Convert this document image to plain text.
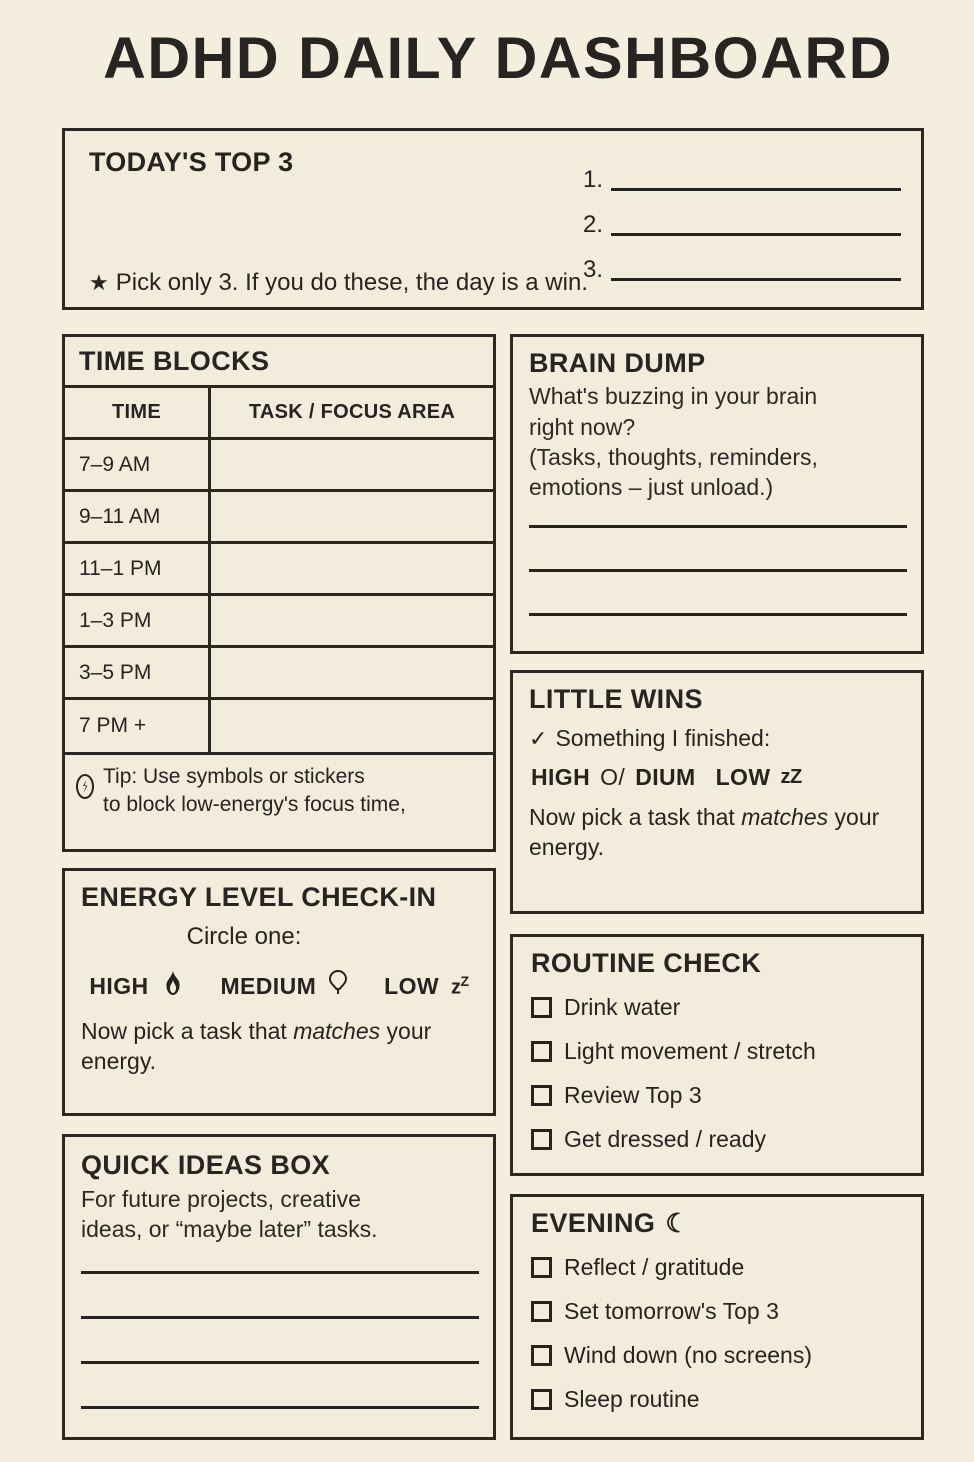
ADHD DAILY DASHBOARD
TODAY'S TOP 3
1.
2.
3.
★ Pick only 3. If you do these, the day is a win.
TIME BLOCKS
TIME	TASK / FOCUS AREA
7–9 AM
9–11 AM
11–1 PM
1–3 PM
3–5 PM
7 PM +
Tip: Use symbols or stickers
to block low-energy's focus time,
ENERGY LEVEL CHECK-IN
Circle one:
HIGH	MEDIUM	LOW $z^Z$
Now pick a task that matches your energy.
QUICK IDEAS BOX
For future projects, creative
ideas, or “maybe later” tasks.
BRAIN DUMP
What's buzzing in your brain
right now?
(Tasks, thoughts, reminders,
emotions – just unload.)
LITTLE WINS
✓ Something I finished:
HIGH O/ DIUM LOW zZ
Now pick a task that matches your energy.
ROUTINE CHECK
Drink water
Light movement / stretch
Review Top 3
Get dressed / ready
EVENING ☾
Reflect / gratitude
Set tomorrow's Top 3
Wind down (no screens)
Sleep routine
